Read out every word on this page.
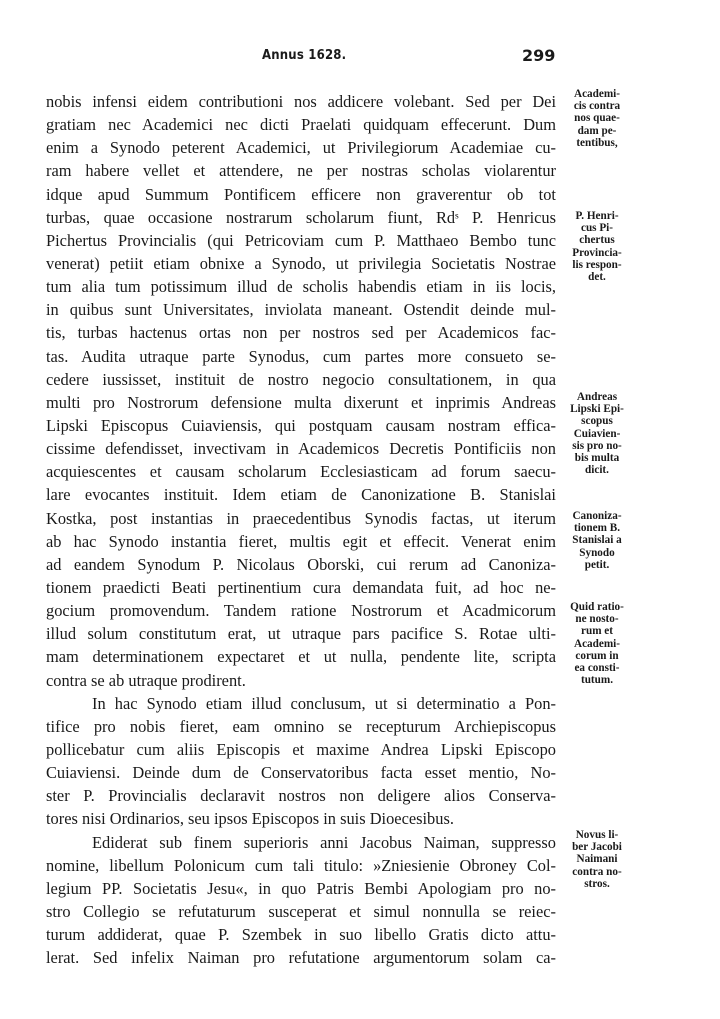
Annus 1628.	299
nobis infensi eidem contributioni nos addicere volebant. Sed per Dei
gratiam nec Academici nec dicti Praelati quidquam effecerunt. Dum
enim a Synodo peterent Academici, ut Privilegiorum Academiae cu-
ram habere vellet et attendere, ne per nostras scholas violarentur
idque apud Summum Pontificem efficere non graverentur ob tot
turbas, quae occasione nostrarum scholarum fiunt, Rdˢ P. Henricus
Pichertus Provincialis (qui Petricoviam cum P. Matthaeo Bembo tunc
venerat) petiit etiam obnixe a Synodo, ut privilegia Societatis Nostrae
tum alia tum potissimum illud de scholis habendis etiam in iis locis,
in quibus sunt Universitates, inviolata maneant. Ostendit deinde mul-
tis, turbas hactenus ortas non per nostros sed per Academicos fac-
tas. Audita utraque parte Synodus, cum partes more consueto se-
cedere iussisset, instituit de nostro negocio consultationem, in qua
multi pro Nostrorum defensione multa dixerunt et inprimis Andreas
Lipski Episcopus Cuiaviensis, qui postquam causam nostram effica-
cissime defendisset, invectivam in Academicos Decretis Pontificiis non
acquiescentes et causam scholarum Ecclesiasticam ad forum saecu-
lare evocantes instituit. Idem etiam de Canonizatione B. Stanislai
Kostka, post instantias in praecedentibus Synodis factas, ut iterum
ab hac Synodo instantia fieret, multis egit et effecit. Venerat enim
ad eandem Synodum P. Nicolaus Oborski, cui rerum ad Canoniza-
tionem praedicti Beati pertinentium cura demandata fuit, ad hoc ne-
gocium promovendum. Tandem ratione Nostrorum et Acadmicorum
illud solum constitutum erat, ut utraque pars pacifice S. Rotae ulti-
mam determinationem expectaret et ut nulla, pendente lite, scripta
contra se ab utraque prodirent.
In hac Synodo etiam illud conclusum, ut si determinatio a Pon-
tifice pro nobis fieret, eam omnino se recepturum Archiepiscopus
pollicebatur cum aliis Episcopis et maxime Andrea Lipski Episcopo
Cuiaviensi. Deinde dum de Conservatoribus facta esset mentio, No-
ster P. Provincialis declaravit nostros non deligere alios Conserva-
tores nisi Ordinarios, seu ipsos Episcopos in suis Dioecesibus.
Ediderat sub finem superioris anni Jacobus Naiman, suppresso
nomine, libellum Polonicum cum tali titulo: »Zniesienie Obroney Col-
legium PP. Societatis Jesu«, in quo Patris Bembi Apologiam pro no-
stro Collegio se refutaturum susceperat et simul nonnulla se reiec-
turum addiderat, quae P. Szembek in suo libello Gratis dicto attu-
lerat. Sed infelix Naiman pro refutatione argumentorum solam ca-
Academi-
cis contra
nos quae-
dam pe-
tentibus,
P. Henri-
cus Pi-
chertus
Provincia-
lis respon-
det.
Andreas
Lipski Epi-
scopus
Cuiavien-
sis pro no-
bis multa
dicit.
Canoniza-
tionem B.
Stanislai a
Synodo
petit.
Quid ratio-
ne nosto-
rum et
Academi-
corum in
ea consti-
tutum.
Novus li-
ber Jacobi
Naimani
contra no-
stros.
